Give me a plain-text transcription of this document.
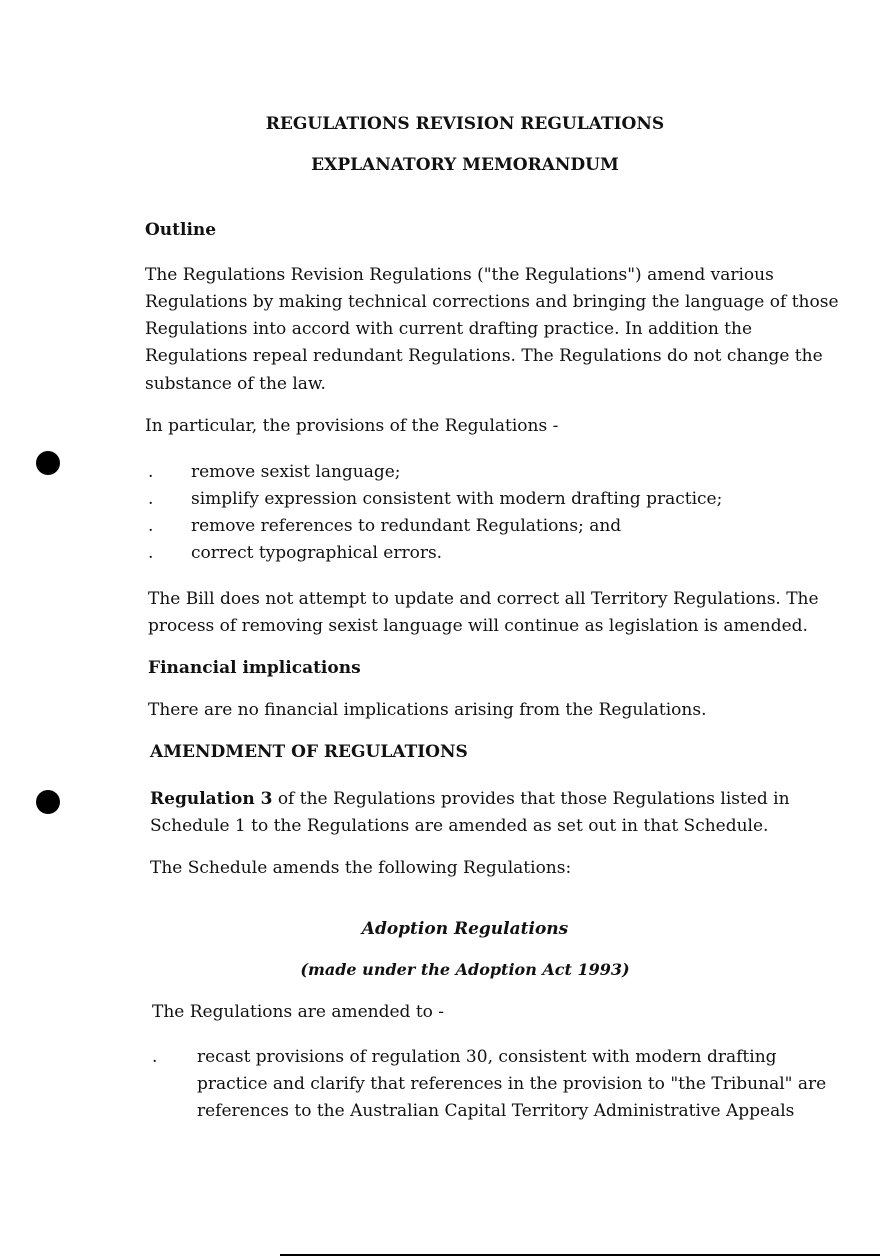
REGULATIONS REVISION REGULATIONS
EXPLANATORY MEMORANDUM
Outline
The Regulations Revision Regulations ("the Regulations") amend various
Regulations by making technical corrections and bringing the language of those
Regulations into accord with current drafting practice. In addition the
Regulations repeal redundant Regulations. The Regulations do not change the
substance of the law.
In particular, the provisions of the Regulations -
. remove sexist language;
. simplify expression consistent with modern drafting practice;
. remove references to redundant Regulations; and
. correct typographical errors.
The Bill does not attempt to update and correct all Territory Regulations. The
process of removing sexist language will continue as legislation is amended.
Financial implications
There are no financial implications arising from the Regulations.
AMENDMENT OF REGULATIONS
Regulation 3 of the Regulations provides that those Regulations listed in
Schedule 1 to the Regulations are amended as set out in that Schedule.
The Schedule amends the following Regulations:
Adoption Regulations
(made under the Adoption Act 1993)
The Regulations are amended to -
. recast provisions of regulation 30, consistent with modern drafting
practice and clarify that references in the provision to "the Tribunal" are
references to the Australian Capital Territory Administrative Appeals
